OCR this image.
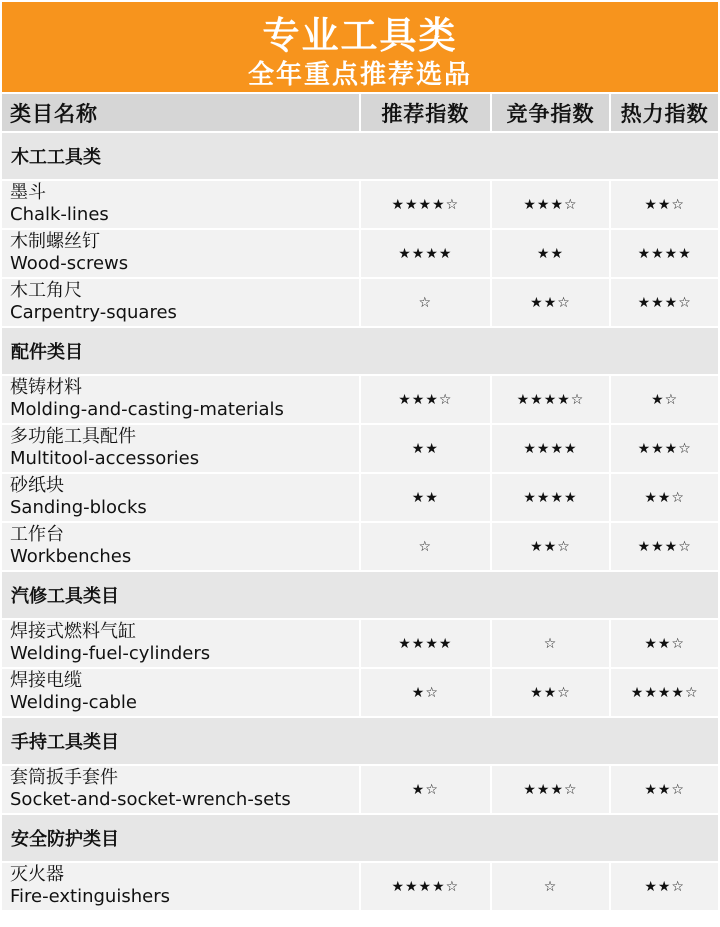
专业工具类
全年重点推荐选品
类目名称	推荐指数	竞争指数	热力指数
木工工具类
墨斗
Chalk-lines	★★★★☆	★★★☆	★★☆
木制螺丝钉
Wood-screws	★★★★	★★	★★★★
木工角尺
Carpentry-squares	☆	★★☆	★★★☆
配件类目
模铸材料
Molding-and-casting-materials	★★★☆	★★★★☆	★☆
多功能工具配件
Multitool-accessories	★★	★★★★	★★★☆
砂纸块
Sanding-blocks	★★	★★★★	★★☆
工作台
Workbenches	☆	★★☆	★★★☆
汽修工具类目
焊接式燃料气缸
Welding-fuel-cylinders	★★★★	☆	★★☆
焊接电缆
Welding-cable	★☆	★★☆	★★★★☆
手持工具类目
套筒扳手套件
Socket-and-socket-wrench-sets	★☆	★★★☆	★★☆
安全防护类目
灭火器
Fire-extinguishers	★★★★☆	☆	★★☆
